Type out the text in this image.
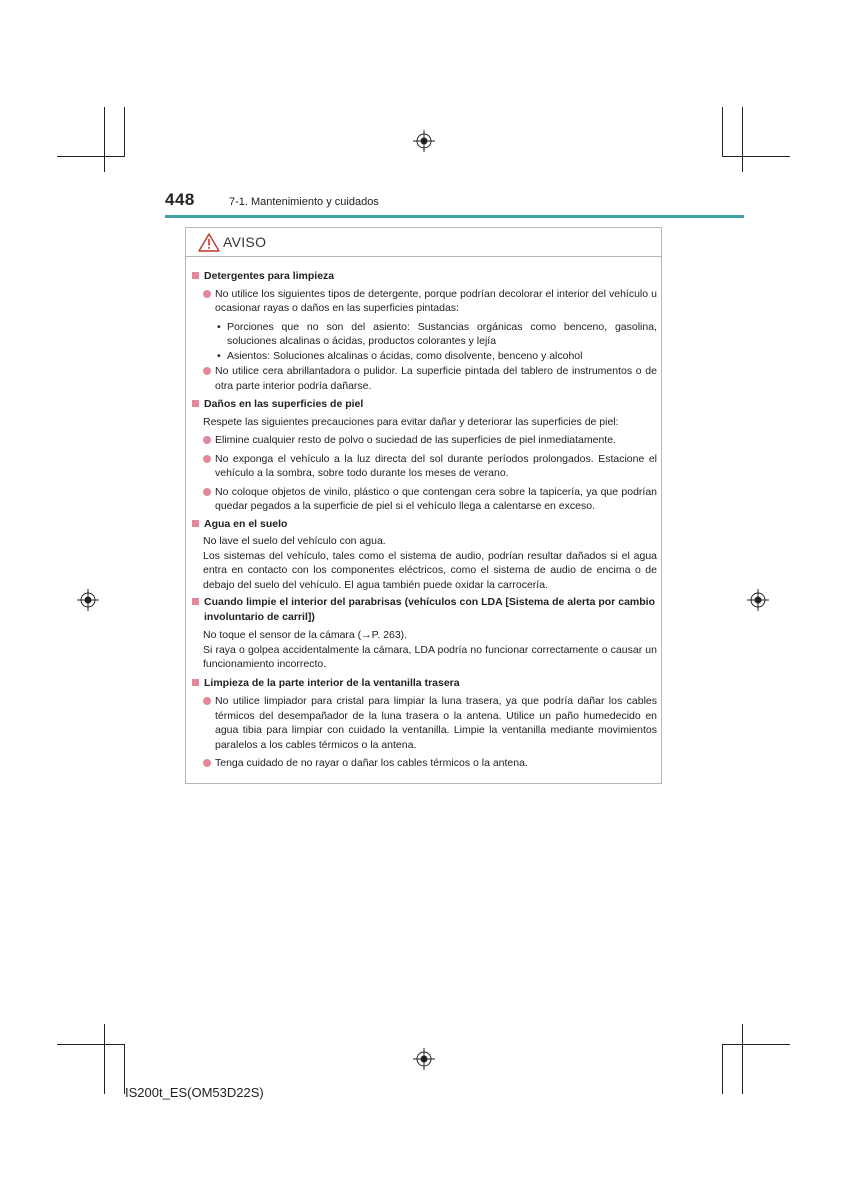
448	7-1. Mantenimiento y cuidados
AVISO
Detergentes para limpieza
No utilice los siguientes tipos de detergente, porque podrían decolorar el interior del vehículo u ocasionar rayas o daños en las superficies pintadas:
• Porciones que no son del asiento: Sustancias orgánicas como benceno, gasolina, soluciones alcalinas o ácidas, productos colorantes y lejía
• Asientos: Soluciones alcalinas o ácidas, como disolvente, benceno y alcohol
No utilice cera abrillantadora o pulidor. La superficie pintada del tablero de instrumentos o de otra parte interior podría dañarse.
Daños en las superficies de piel
Respete las siguientes precauciones para evitar dañar y deteriorar las superficies de piel:
Elimine cualquier resto de polvo o suciedad de las superficies de piel inmediatamente.
No exponga el vehículo a la luz directa del sol durante períodos prolongados. Estacione el vehículo a la sombra, sobre todo durante los meses de verano.
No coloque objetos de vinilo, plástico o que contengan cera sobre la tapicería, ya que podrían quedar pegados a la superficie de piel si el vehículo llega a calentarse en exceso.
Agua en el suelo
No lave el suelo del vehículo con agua.
Los sistemas del vehículo, tales como el sistema de audio, podrían resultar dañados si el agua entra en contacto con los componentes eléctricos, como el sistema de audio de encima o de debajo del suelo del vehículo. El agua también puede oxidar la carrocería.
Cuando limpie el interior del parabrisas (vehículos con LDA [Sistema de alerta por cambio involuntario de carril])
No toque el sensor de la cámara (→P. 263).
Si raya o golpea accidentalmente la cámara, LDA podría no funcionar correctamente o causar un funcionamiento incorrecto.
Limpieza de la parte interior de la ventanilla trasera
No utilice limpiador para cristal para limpiar la luna trasera, ya que podría dañar los cables térmicos del desempañador de la luna trasera o la antena. Utilice un paño humedecido en agua tibia para limpiar con cuidado la ventanilla. Limpie la ventanilla mediante movimientos paralelos a los cables térmicos o la antena.
Tenga cuidado de no rayar o dañar los cables térmicos o la antena.
IS200t_ES(OM53D22S)
